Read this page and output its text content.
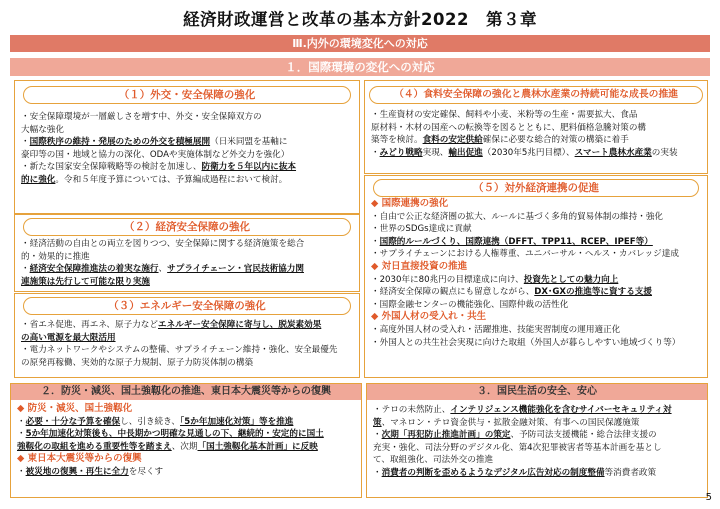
経済財政運営と改革の基本方針2022　第３章
Ⅲ.内外の環境変化への対応
１．国際環境の変化への対応
（１）外交・安全保障の強化

・安全保障環境が一層厳しさを増す中、外交・安全保障双方の

大幅な強化

・国際秩序の維持・発展のための外交を積極展開（日米同盟を基軸に

豪印等の国・地域と協力の深化、ODAや実施体制など外交力を強化）

・新たな国家安全保障戦略等の検討を加速し、防衛力を５年以内に抜本

的に強化。令和５年度予算については、予算編成過程において検討。

（２）経済安全保障の強化

・経済活動の自由との両立を図りつつ、安全保障に関する経済施策を総合

的・効果的に推進

・経済安全保障推進法の着実な施行、サプライチェーン・官民技術協力関

連施策は先行して可能な限り実施

（３）エネルギー安全保障の強化

・省エネ促進、再エネ、原子力などエネルギー安全保障に寄与し、脱炭素効果

の高い電源を最大限活用

・電力ネットワークやシステムの整備、サプライチェーン維持・強化、安全最優先

の原発再稼働、実効的な原子力規制、原子力防災体制の構築

（４）食料安全保障の強化と農林水産業の持続可能な成長の推進

・生産資材の安定確保、飼料や小麦、米粉等の生産・需要拡大、食品

原材料・木材の国産への転換等を図るとともに、肥料価格急騰対策の構

築等を検討。食料の安定供給確保に必要な総合的対策の構築に着手

・みどり戦略実現、輸出促進（2030年5兆円目標）、スマート農林水産業の実装

（５）対外経済連携の促進

◆ 国際連携の強化

・自由で公正な経済圏の拡大、ルールに基づく多角的貿易体制の維持・強化

・世界のSDGs達成に貢献

・国際的ルールづくり、国際連携（DFFT、TPP11、RCEP、IPEF等）

・サプライチェーンにおける人権尊重、ユニバーサル・ヘルス・カバレッジ達成

◆ 対日直接投資の推進

・2030年に80兆円の目標達成に向け、投資先としての魅力向上

・経済安全保障の観点にも留意しながら、DX･GXの推進等に資する支援

・国際金融センターの機能強化、国際仲裁の活性化

◆ 外国人材の受入れ・共生

・高度外国人材の受入れ・活躍推進、技能実習制度の運用適正化

・外国人との共生社会実現に向けた取組（外国人が暮らしやすい地域づくり等）

２．防災・減災、国土強靱化の推進、東日本大震災等からの復興

◆ 防災・減災、国土強靱化

・必要・十分な予算を確保し、引き続き、「5か年加速化対策」等を推進

・5か年加速化対策後も、中長期かつ明確な見通しの下、継続的・安定的に国土

強靱化の取組を進める重要性等を踏まえ、次期「国土強靱化基本計画」に反映

◆ 東日本大震災等からの復興

・被災地の復興・再生に全力を尽くす

３．国民生活の安全、安心

・テロの未然防止、インテリジェンス機能強化を含むサイバーセキュリティ対

策、マネロン・テロ資金供与・拡散金融対策、有事への国民保護施策

・次期「再犯防止推進計画」の策定、予防司法支援機能・総合法律支援の

充実・強化、司法分野のデジタル化、第4次犯罪被害者等基本計画を基とし

て、取組強化、司法外交の推進

・消費者の判断を歪めるようなデジタル広告対応の制度整備等消費者政策

5
